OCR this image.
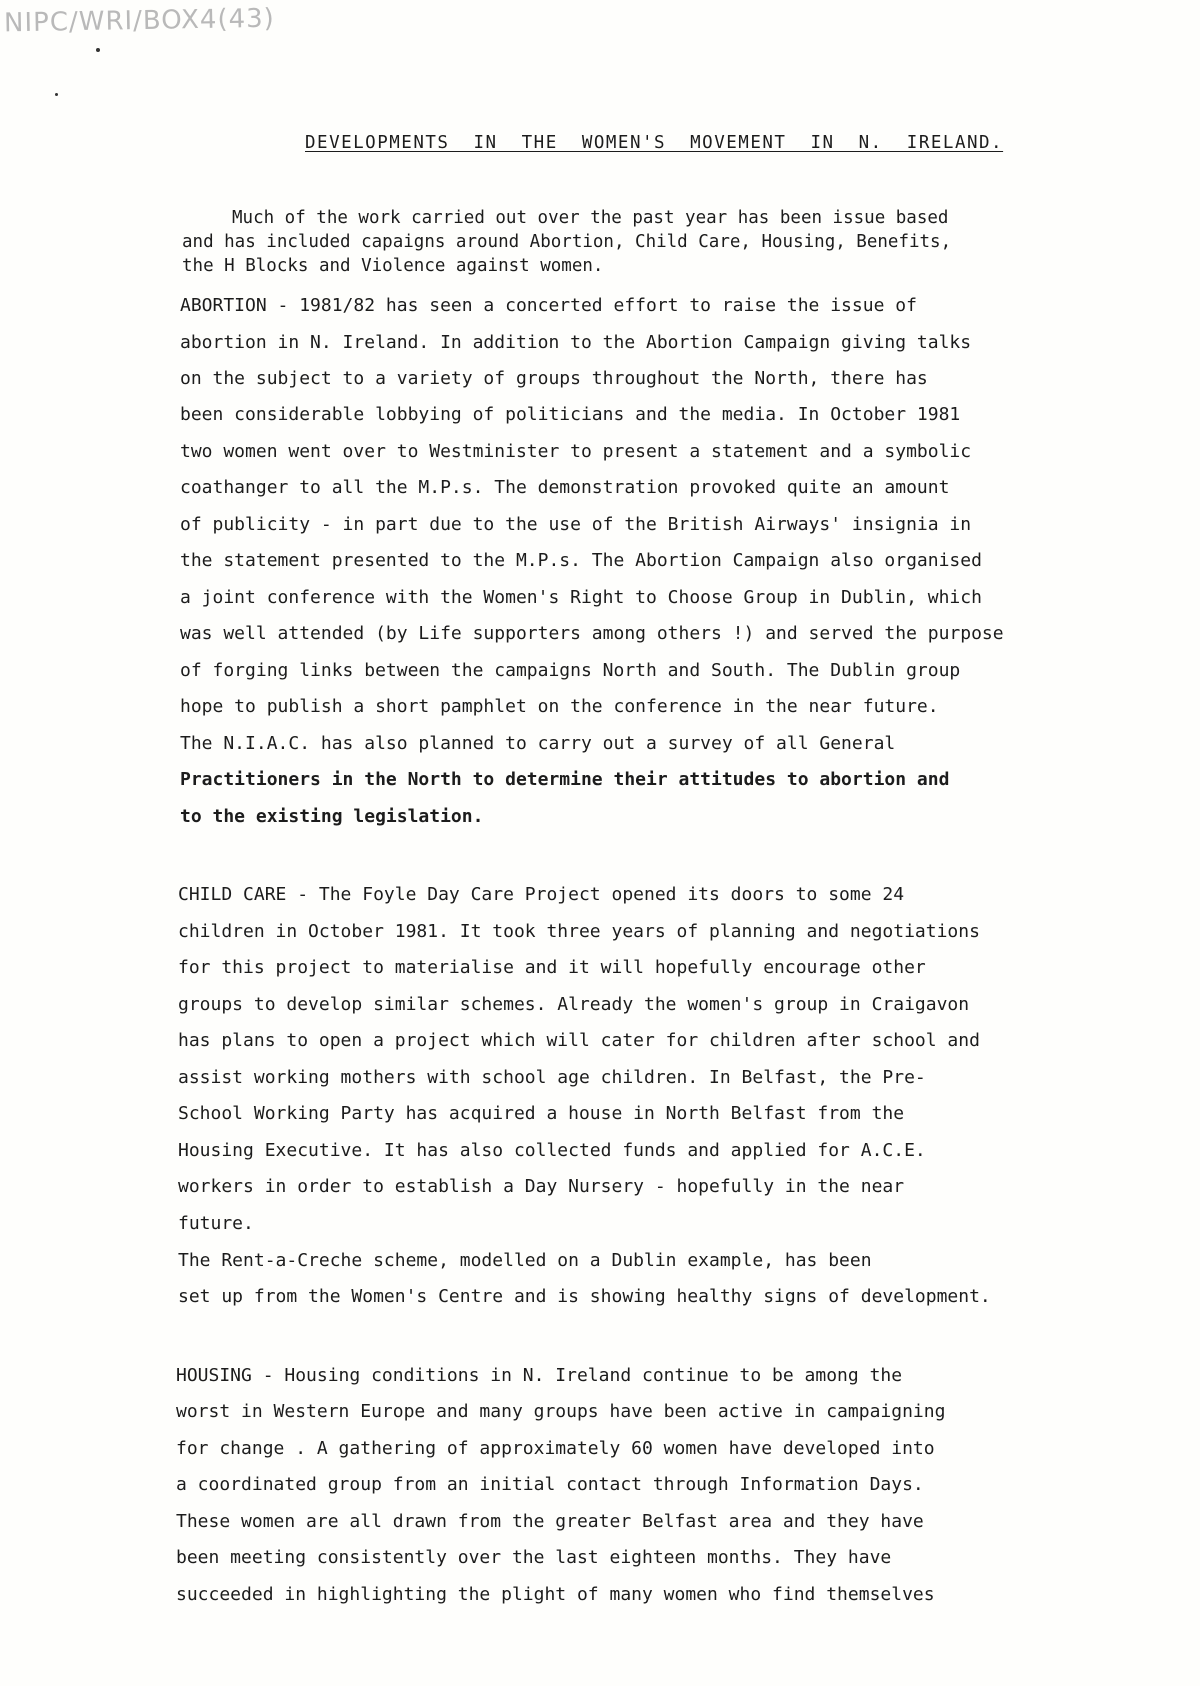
NIPC/WRI/BOX4(43)
DEVELOPMENTS  IN  THE  WOMEN'S  MOVEMENT  IN  N.  IRELAND.
Much of the work carried out over the past year has been issue based
and has included capaigns around Abortion, Child Care, Housing, Benefits,
the H Blocks and Violence against women.
ABORTION - 1981/82 has seen a concerted effort to raise the issue of
abortion in N. Ireland. In addition to the Abortion Campaign giving talks
on the subject to a variety of groups throughout the North, there has
been considerable lobbying of politicians and the media. In October 1981
two women went over to Westminister to present a statement and a symbolic
coathanger to all the M.P.s. The demonstration provoked quite an amount
of publicity - in part due to the use of the British Airways' insignia in
the statement presented to the M.P.s. The Abortion Campaign also organised
a joint conference with the Women's Right to Choose Group in Dublin, which
was well attended (by Life supporters among others !) and served the purpose
of forging links between the campaigns North and South. The Dublin group
hope to publish a short pamphlet on the conference in the near future.
The N.I.A.C. has also planned to carry out a survey of all General
Practitioners in the North to determine their attitudes to abortion and
to the existing legislation.
CHILD CARE - The Foyle Day Care Project opened its doors to some 24
children in October 1981. It took three years of planning and negotiations
for this project to materialise and it will hopefully encourage other
groups to develop similar schemes. Already the women's group in Craigavon
has plans to open a project which will cater for children after school and
assist working mothers with school age children. In Belfast, the Pre-
School Working Party has acquired a house in North Belfast from the
Housing Executive. It has also collected funds and applied for A.C.E.
workers in order to establish a Day Nursery - hopefully in the near
future.
The Rent-a-Creche scheme, modelled on a Dublin example, has been
set up from the Women's Centre and is showing healthy signs of development.
HOUSING - Housing conditions in N. Ireland continue to be among the
worst in Western Europe and many groups have been active in campaigning
for change . A gathering of approximately 60 women have developed into
a coordinated group from an initial contact through Information Days.
These women are all drawn from the greater Belfast area and they have
been meeting consistently over the last eighteen months. They have
succeeded in highlighting the plight of many women who find themselves
